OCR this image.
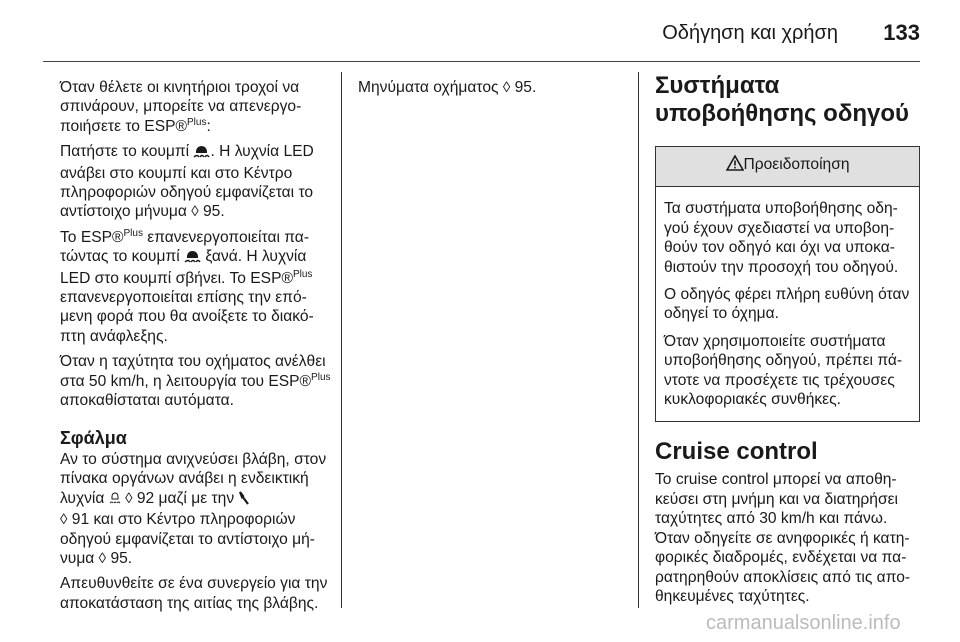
Οδήγηση και χρήση 133

Όταν θέλετε οι κινητήριοι τροχοί να σπινάρουν, μπορείτε να απενεργοποιήσετε το ESP®$^{Plus}$:

Πατήστε το κουμπί . Η λυχνία LED ανάβει στο κουμπί και στο Κέντρο πληροφοριών οδηγού εμφανίζεται το αντίστοιχο μήνυμα ◊ 95.

Το ESP®$^{Plus}$ επανενεργοποιείται πατώντας το κουμπί  ξανά. Η λυχνία LED στο κουμπί σβήνει. Το ESP®$^{Plus}$ επανενεργοποιείται επίσης την επόμενη φορά που θα ανοίξετε το διακόπτη ανάφλεξης.

Όταν η ταχύτητα του οχήματος ανέλθει στα 50 km/h, η λειτουργία του ESP®$^{Plus}$ αποκαθίσταται αυτόματα.

Σφάλμα

Αν το σύστημα ανιχνεύσει βλάβη, στον πίνακα οργάνων ανάβει η ενδεικτική λυχνία ◊ 92 μαζί με την
◊ 91 και στο Κέντρο πληροφοριών οδηγού εμφανίζεται το αντίστοιχο μήνυμα ◊ 95.

Απευθυνθείτε σε ένα συνεργείο για την αποκατάσταση της αιτίας της βλάβης.

Μηνύματα οχήματος ◊ 95.	Συστήματα υποβοήθησης οδηγού
Προειδοποίηση

Τα συστήματα υποβοήθησης οδηγού έχουν σχεδιαστεί να υποβοηθούν τον οδηγό και όχι να υποκαθιστούν την προσοχή του οδηγού.

Ο οδηγός φέρει πλήρη ευθύνη όταν οδηγεί το όχημα.

Όταν χρησιμοποιείτε συστήματα υποβοήθησης οδηγού, πρέπει πάντοτε να προσέχετε τις τρέχουσες κυκλοφοριακές συνθήκες.

Cruise control

Το cruise control μπορεί να αποθηκεύσει στη μνήμη και να διατηρήσει ταχύτητες από 30 km/h και πάνω. Όταν οδηγείτε σε ανηφορικές ή κατηφορικές διαδρομές, ενδέχεται να παρατηρηθούν αποκλίσεις από τις αποθηκευμένες ταχύτητες.

carmanualsonline.info
